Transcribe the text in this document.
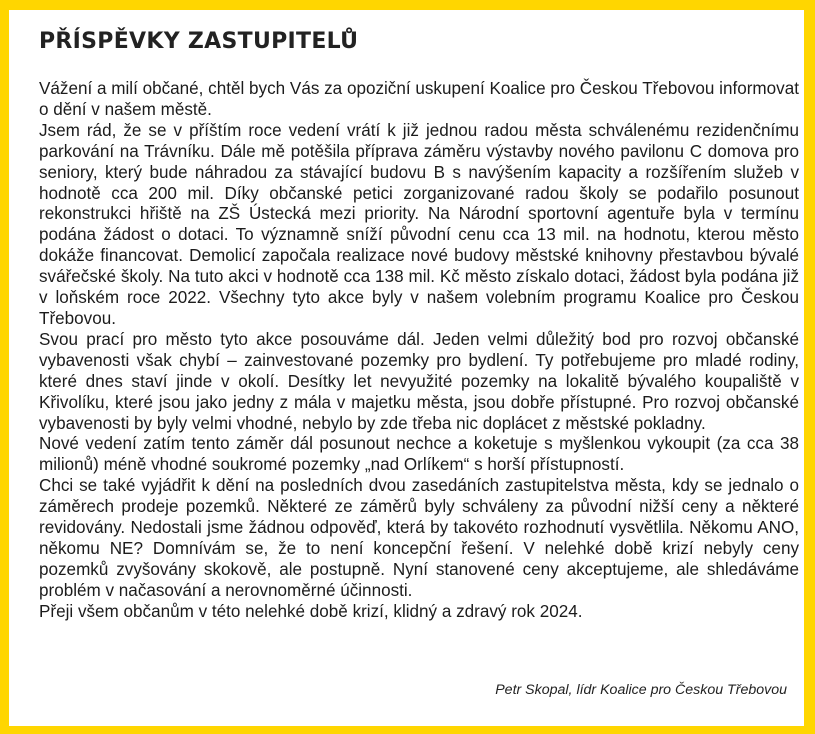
PŘÍSPĚVKY ZASTUPITELŮ

Vážení a milí občané, chtěl bych Vás za opoziční uskupení Koalice pro Českou Třebovou informovat o dění v našem městě.

Jsem rád, že se v příštím roce vedení vrátí k již jednou radou města schválenému rezidenčnímu parkování na Trávníku. Dále mě potěšila příprava záměru výstavby nového pavilonu C domova pro seniory, který bude náhradou za stávající budovu B s navýšením kapacity a rozšířením služeb v hodnotě cca 200 mil. Díky občanské petici zorganizované radou školy se podařilo posunout rekonstrukci hřiště na ZŠ Ústecká mezi priority. Na Národní sportovní agentuře byla v termínu podána žádost o dotaci. To významně sníží původní cenu cca 13 mil. na hodnotu, kterou město dokáže financovat. Demolicí započala realizace nové budovy městské knihovny přestavbou bývalé svářečské školy. Na tuto akci v hodnotě cca 138 mil. Kč město získalo dotaci, žádost byla podána již v loňském roce 2022. Všechny tyto akce byly v našem volebním programu Koalice pro Českou Třebovou.

Svou prací pro město tyto akce posouváme dál. Jeden velmi důležitý bod pro rozvoj občanské vybavenosti však chybí – zainvestované pozemky pro bydlení. Ty potřebujeme pro mladé rodiny, které dnes staví jinde v okolí. Desítky let nevyužité pozemky na lokalitě bývalého koupaliště v Křivolíku, které jsou jako jedny z mála v majetku města, jsou dobře přístupné. Pro rozvoj občanské vybavenosti by byly velmi vhodné, nebylo by zde třeba nic doplácet z městské pokladny.

Nové vedení zatím tento záměr dál posunout nechce a koketuje s myšlenkou vykoupit (za cca 38 milionů) méně vhodné soukromé pozemky „nad Orlíkem“ s horší přístupností.

Chci se také vyjádřit k dění na posledních dvou zasedáních zastupitelstva města, kdy se jednalo o záměrech prodeje pozemků. Některé ze záměrů byly schváleny za původní nižší ceny a některé revidovány. Nedostali jsme žádnou odpověď, která by takovéto rozhodnutí vysvětlila. Někomu ANO, někomu NE? Domnívám se, že to není koncepční řešení. V nelehké době krizí nebyly ceny pozemků zvyšovány skokově, ale postupně. Nyní stanovené ceny akceptujeme, ale shledáváme problém v načasování a nerovnoměrné účinnosti.

Přeji všem občanům v této nelehké době krizí, klidný a zdravý rok 2024.

Petr Skopal, lídr Koalice pro Českou Třebovou
